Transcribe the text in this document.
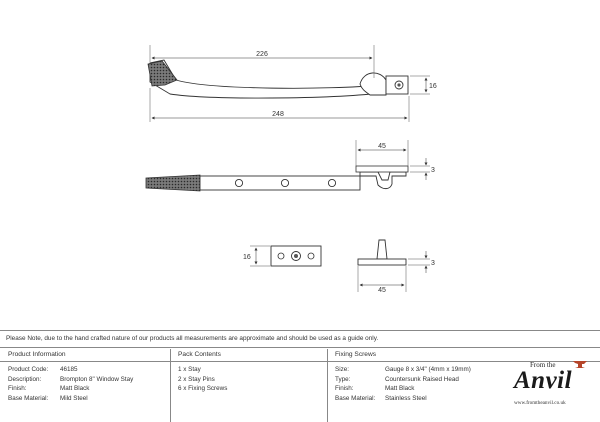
226
248
16
45
3
16
3
45
Please Note, due to the hand crafted nature of our products all measurements are approximate and should be used as a guide only.
Product Information
Product Code: 46185
Description:	Brompton 8" Window Stay
Finish:	Matt Black
Base Material: Mild Steel
Pack Contents
1 x Stay
2 x Stay Pins
6 x Fixing Screws
Fixing Screws
Size:	Gauge 8 x 3/4" (4mm x 19mm)
Type:	Countersunk Raised Head
Finish:	Matt Black
Base Material: Stainless Steel
From the
Anvil
www.fromtheanvil.co.uk
